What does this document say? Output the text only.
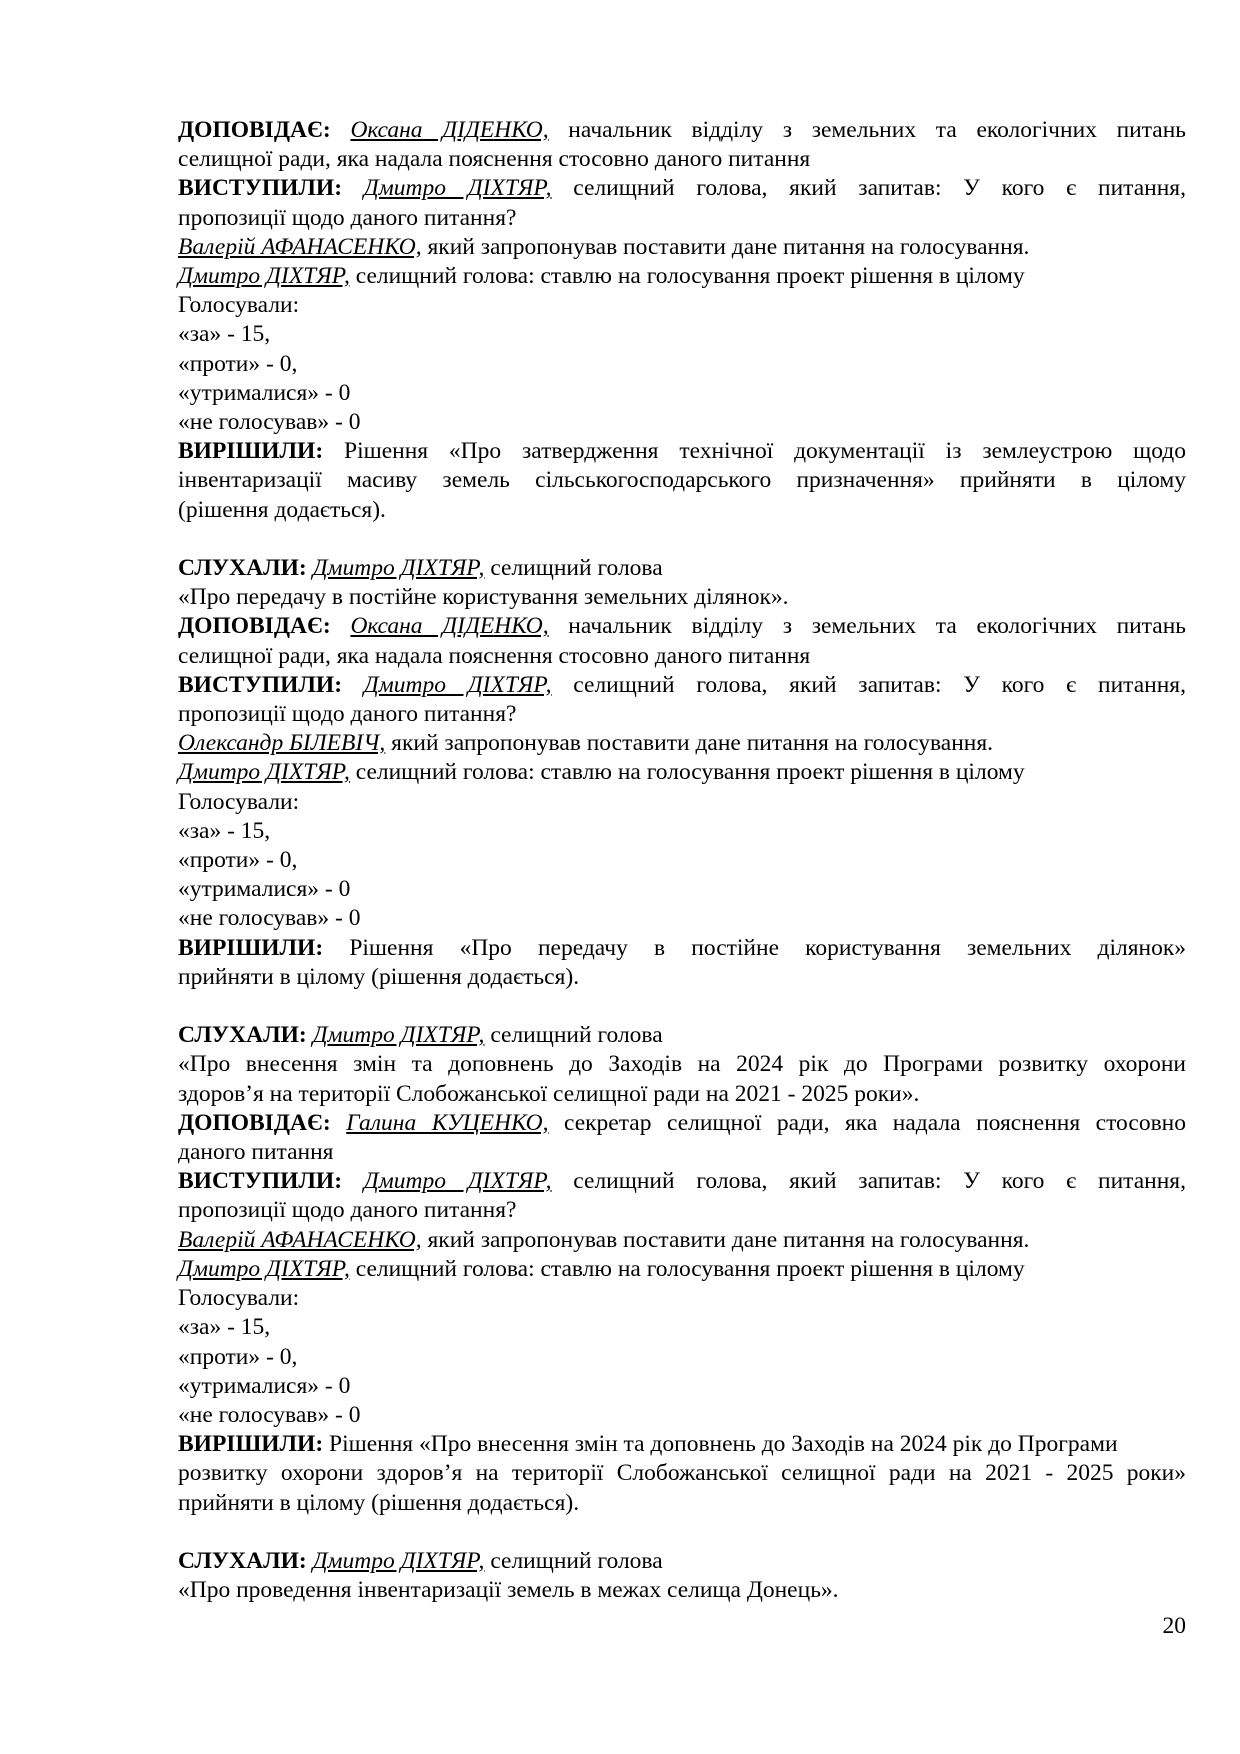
ДОПОВІДАЄ: Оксана ДІДЕНКО, начальник відділу з земельних та екологічних питань
селищної ради, яка надала пояснення стосовно даного питання
ВИСТУПИЛИ: Дмитро ДІХТЯР, селищний голова, який запитав: У кого є питання,
пропозиції щодо даного питання?
Валерій АФАНАСЕНКО, який запропонував поставити дане питання на голосування.
Дмитро ДІХТЯР, селищний голова: ставлю на голосування проект рішення в цілому
Голосували:
«за» - 15,
«проти» - 0,
«утрималися» - 0
«не голосував» - 0
ВИРІШИЛИ: Рішення «Про затвердження технічної документації із землеустрою щодо
інвентаризації масиву земель сільськогосподарського призначення» прийняти в цілому
(рішення додається).
СЛУХАЛИ: Дмитро ДІХТЯР, селищний голова
«Про передачу в постійне користування земельних ділянок».
ДОПОВІДАЄ: Оксана ДІДЕНКО, начальник відділу з земельних та екологічних питань
селищної ради, яка надала пояснення стосовно даного питання
ВИСТУПИЛИ: Дмитро ДІХТЯР, селищний голова, який запитав: У кого є питання,
пропозиції щодо даного питання?
Олександр БІЛЕВІЧ, який запропонував поставити дане питання на голосування.
Дмитро ДІХТЯР, селищний голова: ставлю на голосування проект рішення в цілому
Голосували:
«за» - 15,
«проти» - 0,
«утрималися» - 0
«не голосував» - 0
ВИРІШИЛИ: Рішення «Про передачу в постійне користування земельних ділянок»
прийняти в цілому (рішення додається).
СЛУХАЛИ: Дмитро ДІХТЯР, селищний голова
«Про внесення змін та доповнень до Заходів на 2024 рік до Програми розвитку охорони
здоров’я на території Слобожанської селищної ради на 2021 - 2025 роки».
ДОПОВІДАЄ: Галина КУЦЕНКО, секретар селищної ради, яка надала пояснення стосовно
даного питання
ВИСТУПИЛИ: Дмитро ДІХТЯР, селищний голова, який запитав: У кого є питання,
пропозиції щодо даного питання?
Валерій АФАНАСЕНКО, який запропонував поставити дане питання на голосування.
Дмитро ДІХТЯР, селищний голова: ставлю на голосування проект рішення в цілому
Голосували:
«за» - 15,
«проти» - 0,
«утрималися» - 0
«не голосував» - 0
ВИРІШИЛИ: Рішення «Про внесення змін та доповнень до Заходів на 2024 рік до Програми
розвитку охорони здоров’я на території Слобожанської селищної ради на 2021 - 2025 роки»
прийняти в цілому (рішення додається).
СЛУХАЛИ: Дмитро ДІХТЯР, селищний голова
«Про проведення інвентаризації земель в межах селища Донець».
20
